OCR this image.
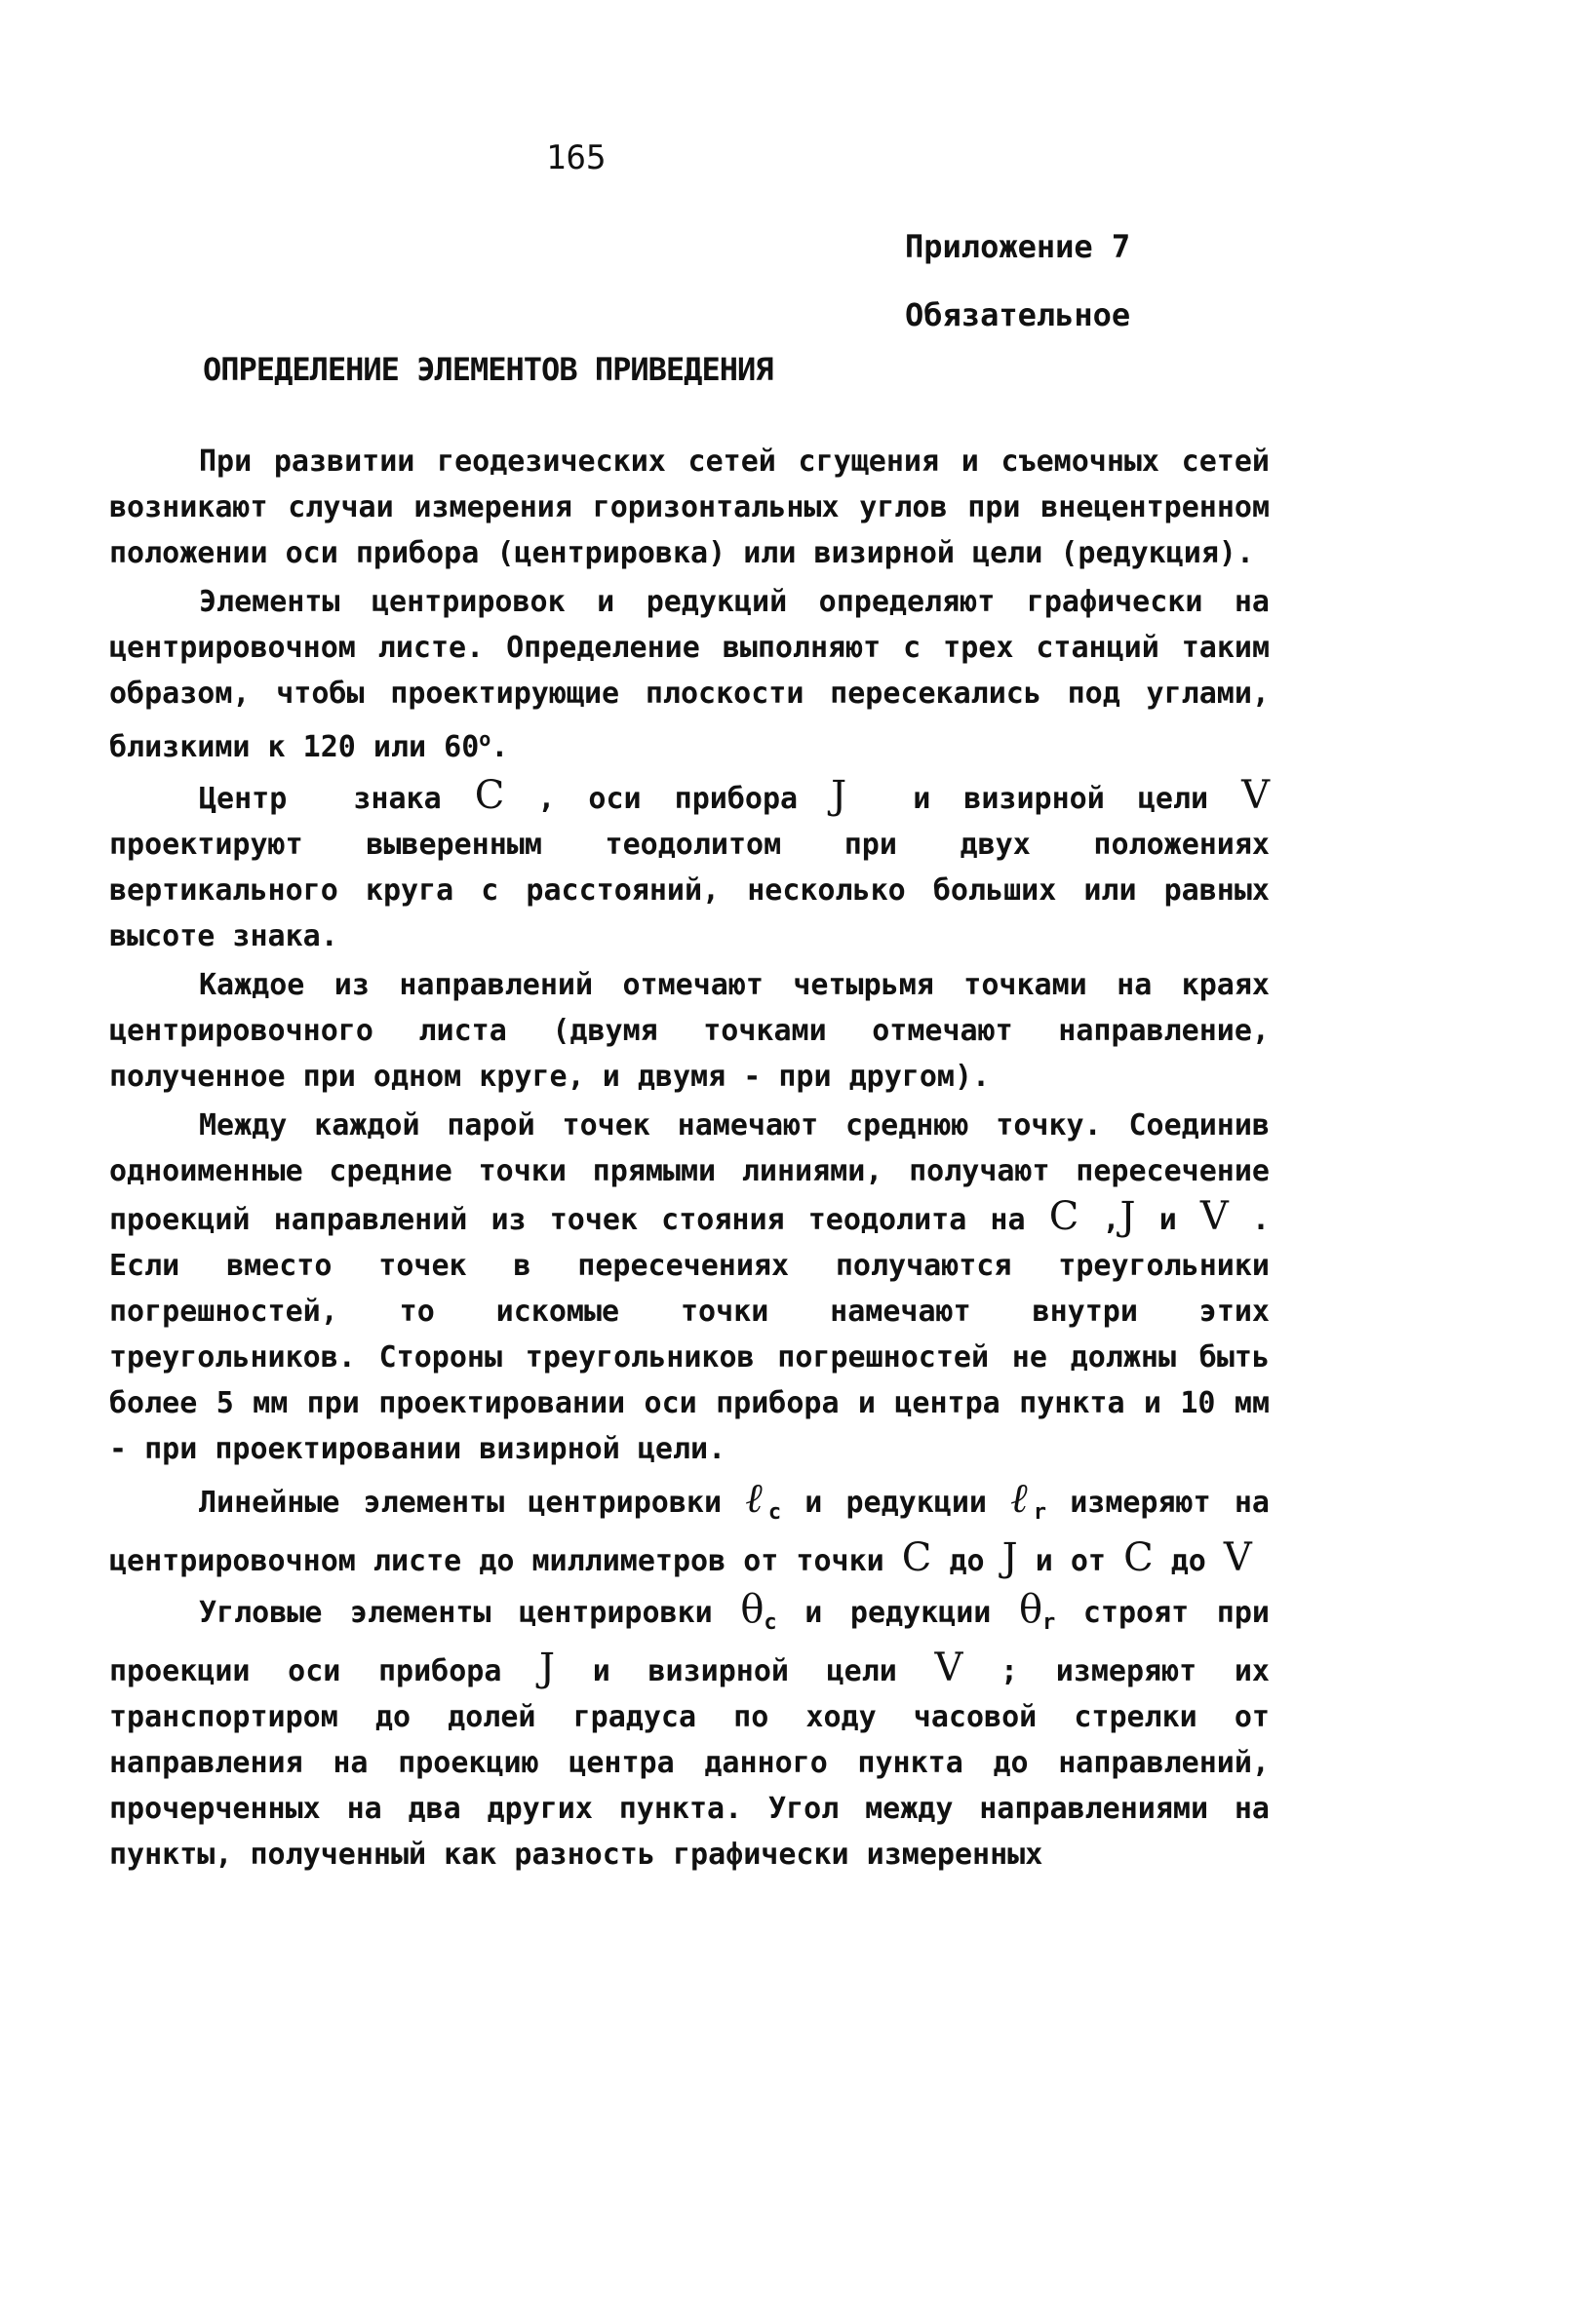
165
Приложение 7
Обязательное
ОПРЕДЕЛЕНИЕ ЭЛЕМЕНТОВ ПРИВЕДЕНИЯ

При развитии геодезических сетей сгущения и съемочных сетей возникают случаи измерения горизонтальных углов при внецентренном положении оси прибора (центрировка) или визирной цели (редукция).

Элементы центрировок и редукций определяют графически на центрировочном листе. Определение выполняют с трех станций таким образом, чтобы проектирующие плоскости пересекались под углами, близкими к 120 или $60^о$.

Центр  знака C , оси прибора J  и визирной цели V проектируют выверенным теодолитом при двух положениях вертикального круга с расстояний, несколько больших или равных высоте знака.

Каждое из направлений отмечают четырьмя точками на краях центрировочного листа (двумя точками отмечают направление, полученное при одном круге, и двумя - при другом).

Между каждой парой точек намечают среднюю точку. Соединив одноименные средние точки прямыми линиями, получают пересечение проекций направлений из точек стояния теодолита на C ,J и V . Если вместо точек в пересечениях получаются треугольники погрешностей, то искомые точки намечают внутри этих треугольников. Стороны треугольников погрешностей не должны быть более 5 мм при проектировании оси прибора и центра пункта и 10 мм - при проектировании визирной цели.

Линейные элементы центрировки ℓ$_c$ и редукции ℓ$_r$ измеряют на центрировочном листе до миллиметров от точки C до J и от C до V

Угловые элементы центрировки $\theta_c$ и редукции $\theta_r$ строят при проекции оси прибора J и визирной цели V ; измеряют их транспортиром до долей градуса по ходу часовой стрелки от направления на проекцию центра данного пункта до направлений, прочерченных на два других пункта. Угол между направлениями на пункты, полученный как разность графически измеренных
